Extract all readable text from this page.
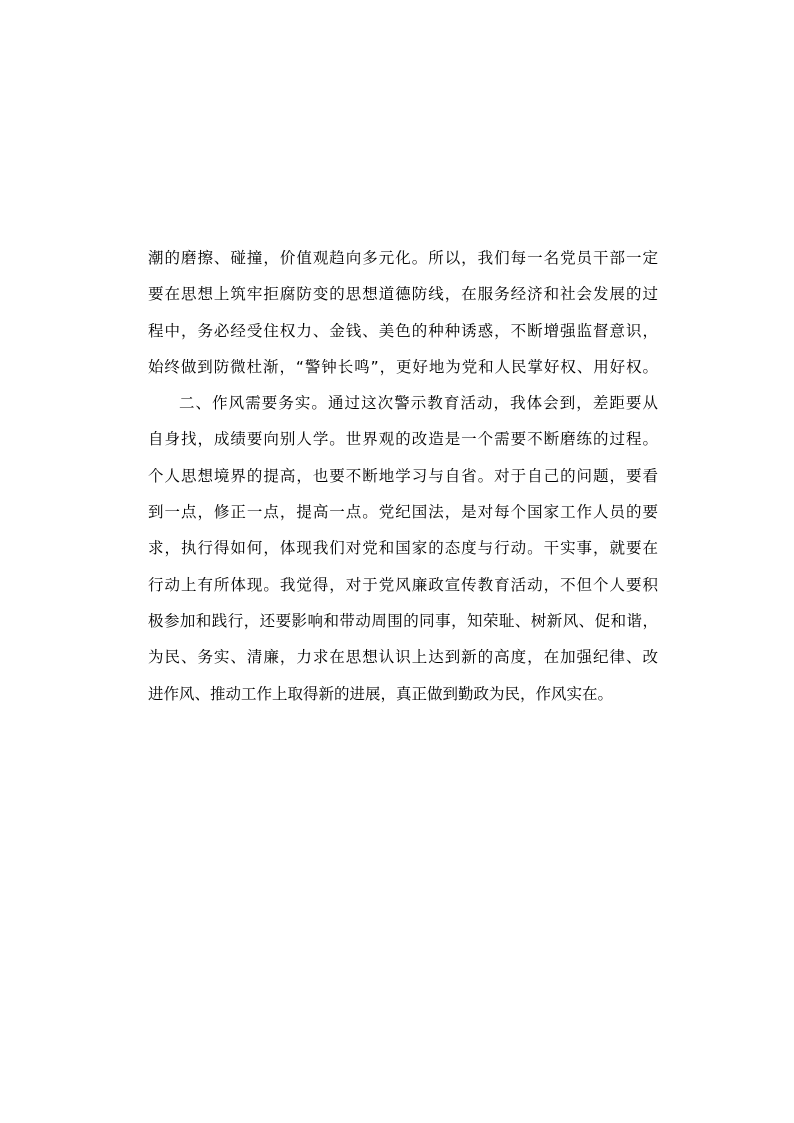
潮的磨擦、碰撞，价值观趋向多元化。所以，我们每一名党员干部一定
要在思想上筑牢拒腐防变的思想道德防线，在服务经济和社会发展的过
程中，务必经受住权力、金钱、美色的种种诱惑，不断增强监督意识，
始终做到防微杜渐，“警钟长鸣”，更好地为党和人民掌好权、用好权。
二、作风需要务实。通过这次警示教育活动，我体会到，差距要从
自身找，成绩要向别人学。世界观的改造是一个需要不断磨练的过程。
个人思想境界的提高，也要不断地学习与自省。对于自己的问题，要看
到一点，修正一点，提高一点。党纪国法，是对每个国家工作人员的要
求，执行得如何，体现我们对党和国家的态度与行动。干实事，就要在
行动上有所体现。我觉得，对于党风廉政宣传教育活动，不但个人要积
极参加和践行，还要影响和带动周围的同事，知荣耻、树新风、促和谐，
为民、务实、清廉，力求在思想认识上达到新的高度，在加强纪律、改
进作风、推动工作上取得新的进展，真正做到勤政为民，作风实在。
